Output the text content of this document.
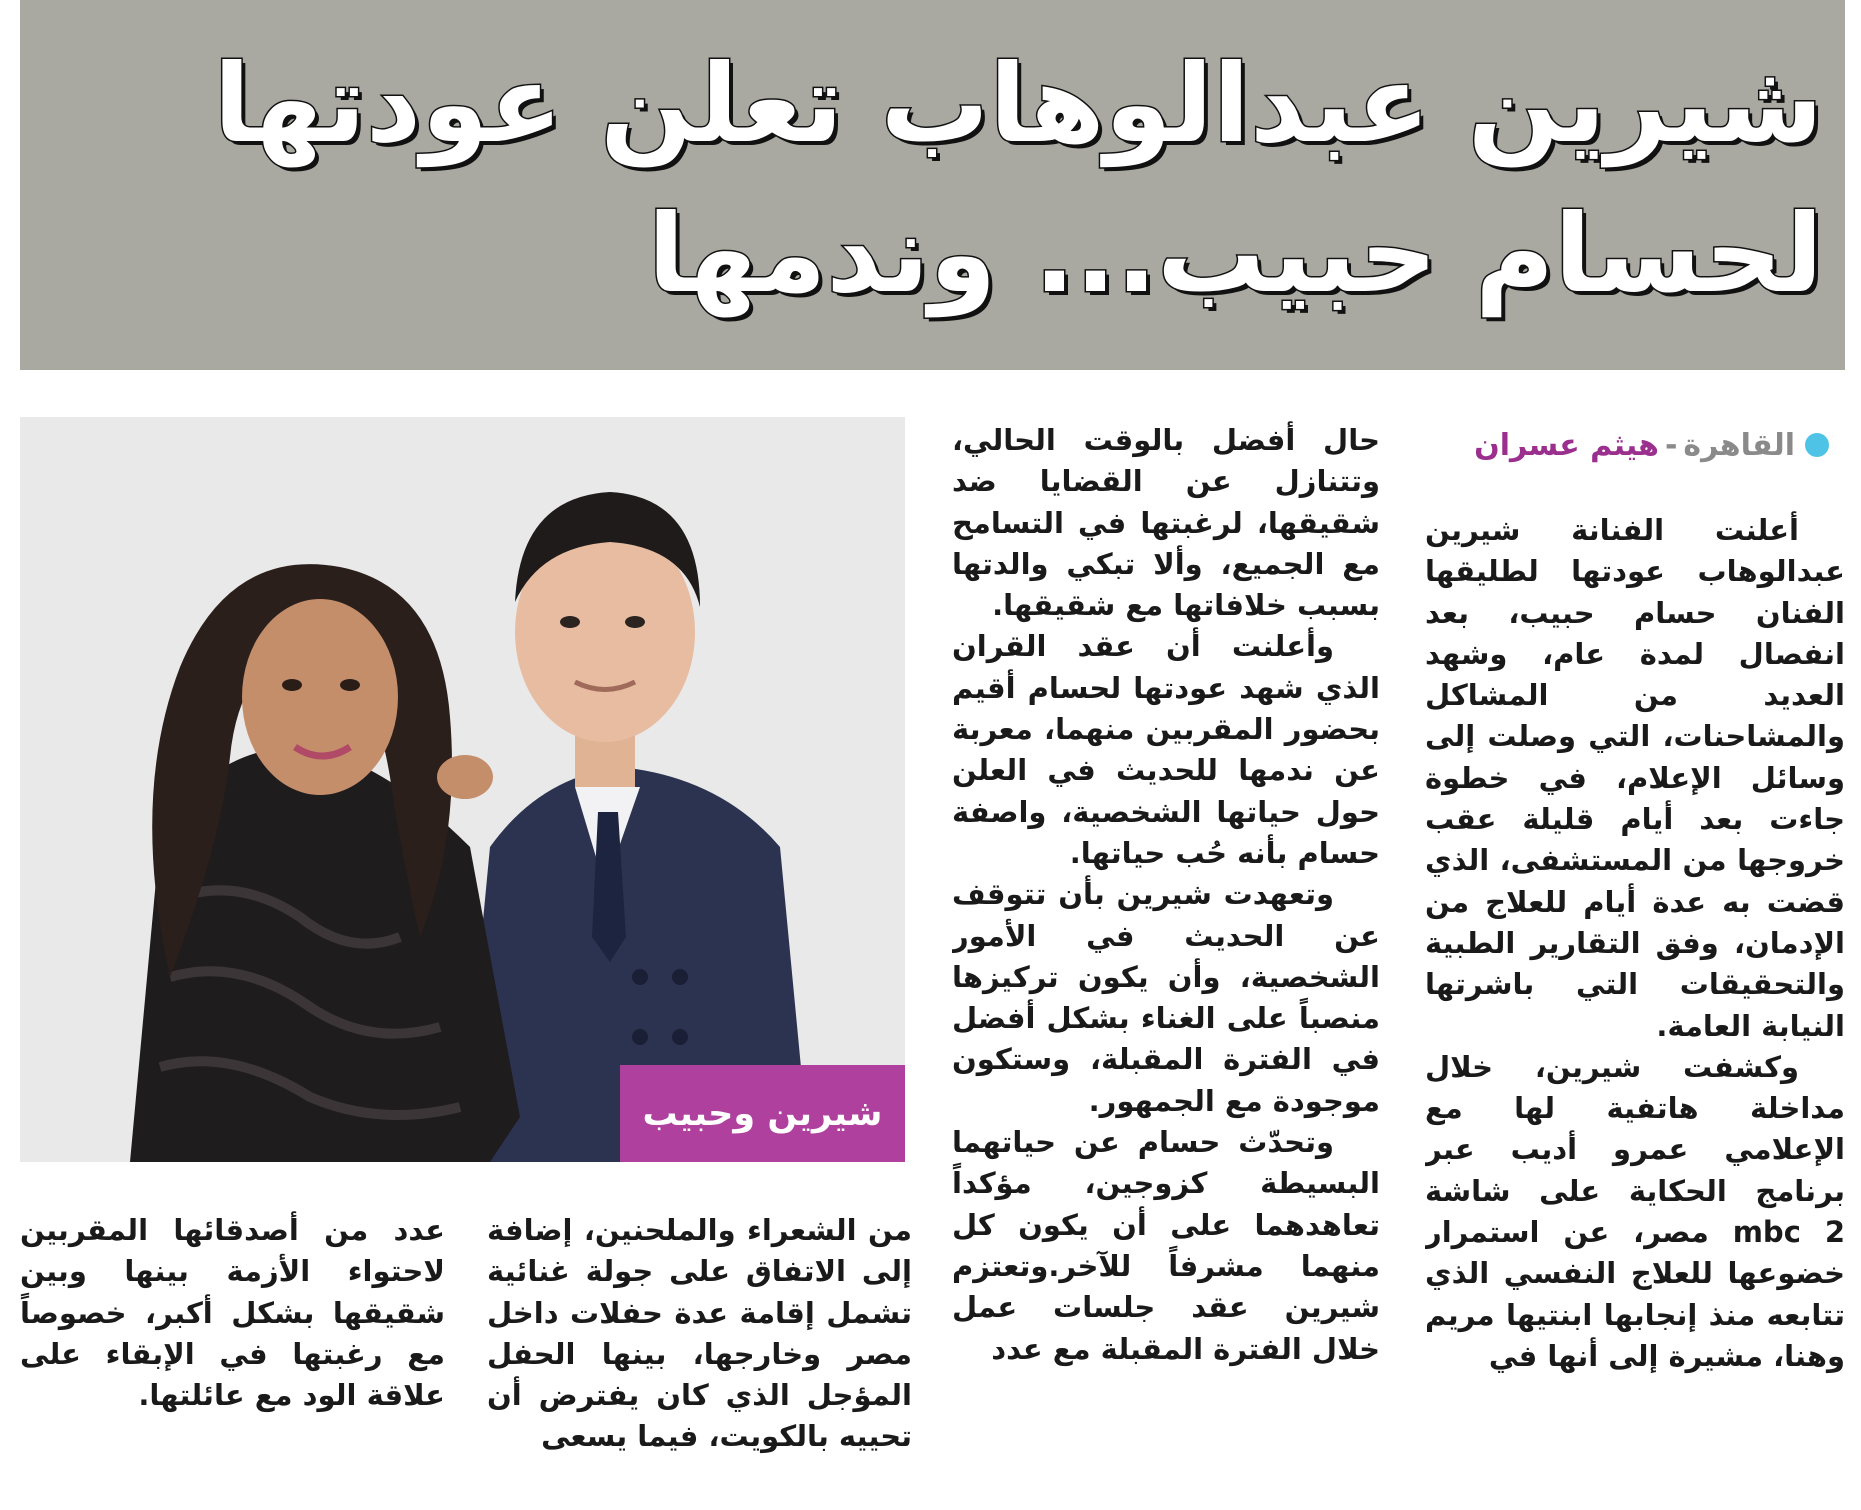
شيرين عبدالوهاب تعلن عودتها
لحسام حبيب... وندمها
القاهرة
-
هيثم عسران

أعلنت الفنانة شيرين عبدالوهاب عودتها لطليقها الفنان حسام حبيب، بعد انفصال لمدة عام، وشهد العديد من المشاكل والمشاحنات، التي وصلت إلى وسائل الإعلام، في خطوة جاءت بعد أيام قليلة عقب خروجها من المستشفى، الذي قضت به عدة أيام للعلاج من الإدمان، وفق التقارير الطبية والتحقيقات التي باشرتها النيابة العامة.

وكشفت شيرين، خلال مداخلة هاتفية لها مع الإعلامي عمرو أديب عبر برنامج الحكاية على شاشة mbc 2 مصر، عن استمرار خضوعها للعلاج النفسي الذي تتابعه منذ إنجابها ابنتيها مريم وهنا، مشيرة إلى أنها في

حال أفضل بالوقت الحالي، وتتنازل عن القضايا ضد شقيقها، لرغبتها في التسامح مع الجميع، وألا تبكي والدتها بسبب خلافاتها مع شقيقها.

وأعلنت أن عقد القران الذي شهد عودتها لحسام أقيم بحضور المقربين منهما، معربة عن ندمها للحديث في العلن حول حياتها الشخصية، واصفة حسام بأنه حُب حياتها.

وتعهدت شيرين بأن تتوقف عن الحديث في الأمور الشخصية، وأن يكون تركيزها منصباً على الغناء بشكل أفضل في الفترة المقبلة، وستكون موجودة مع الجمهور.

وتحدّث حسام عن حياتهما البسيطة كزوجين، مؤكداً تعاهدهما على أن يكون كل منهما مشرفاً للآخر.وتعتزم شيرين عقد جلسات عمل خلال الفترة المقبلة مع عدد

شيرين وحبيب

من الشعراء والملحنين، إضافة إلى الاتفاق على جولة غنائية تشمل إقامة عدة حفلات داخل مصر وخارجها، بينها الحفل المؤجل الذي كان يفترض أن تحييه بالكويت، فيما يسعى

عدد من أصدقائها المقربين لاحتواء الأزمة بينها وبين شقيقها بشكل أكبر، خصوصاً مع رغبتها في الإبقاء على علاقة الود مع عائلتها.
